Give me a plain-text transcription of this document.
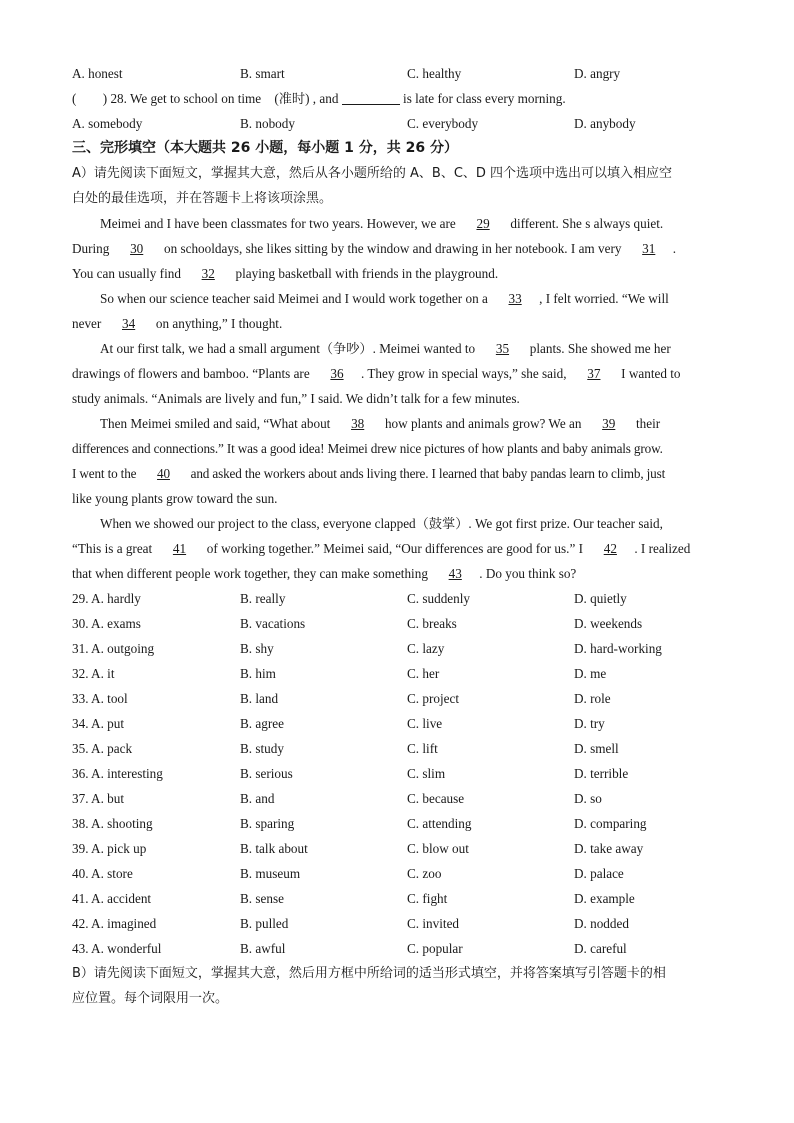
A. honest	B. smart	C. healthy	D. angry
(　　) 28. We get to school on time　(准时) , and	is late for class every morning.
A. somebody	B. nobody	C. everybody	D. anybody
三、完形填空（本大题共 26 小题，每小题 1 分，共 26 分）
A）请先阅读下面短文，掌握其大意，然后从各小题所给的 A、B、C、D 四个选项中选出可以填入相应空
白处的最佳选项，并在答题卡上将该项涂黑。
Meimei and I have been classmates for two years. However, we are 29 different. She s always quiet.
During 30 on schooldays, she likes sitting by the window and drawing in her notebook. I am very 31 .
You can usually find 32 playing basketball with friends in the playground.
So when our science teacher said Meimei and I would work together on a 33 , I felt worried. “We will
never 34 on anything,” I thought.
At our first talk, we had a small argument（争吵）. Meimei wanted to 35 plants. She showed me her
drawings of flowers and bamboo. “Plants are 36 . They grow in special ways,” she said, 37 I wanted to
study animals. “Animals are lively and fun,” I said. We didn’t talk for a few minutes.
Then Meimei smiled and said, “What about 38 how plants and animals grow? We an 39 their
differences and connections.” It was a good idea! Meimei drew nice pictures of how plants and baby animals grow.
I went to the 40 and asked the workers about ands living there. I learned that baby pandas learn to climb, just
like young plants grow toward the sun.
When we showed our project to the class, everyone clapped（鼓掌）. We got first prize. Our teacher said,
“This is a great 41 of working together.” Meimei said, “Our differences are good for us.” I 42 . I realized
that when different people work together, they can make something 43 . Do you think so?
29. A. hardly	B. really	C. suddenly	D. quietly
30. A. exams	B. vacations	C. breaks	D. weekends
31. A. outgoing	B. shy	C. lazy	D. hard-working
32. A. it	B. him	C. her	D. me
33. A. tool	B. land	C. project	D. role
34. A. put	B. agree	C. live	D. try
35. A. pack	B. study	C. lift	D. smell
36. A. interesting	B. serious	C. slim	D. terrible
37. A. but	B. and	C. because	D. so
38. A. shooting	B. sparing	C. attending	D. comparing
39. A. pick up	B. talk about	C. blow out	D. take away
40. A. store	B. museum	C. zoo	D. palace
41. A. accident	B. sense	C. fight	D. example
42. A. imagined	B. pulled	C. invited	D. nodded
43. A. wonderful	B. awful	C. popular	D. careful
B）请先阅读下面短文，掌握其大意，然后用方框中所给词的适当形式填空，并将答案填写引答题卡的相
应位置。每个词限用一次。
